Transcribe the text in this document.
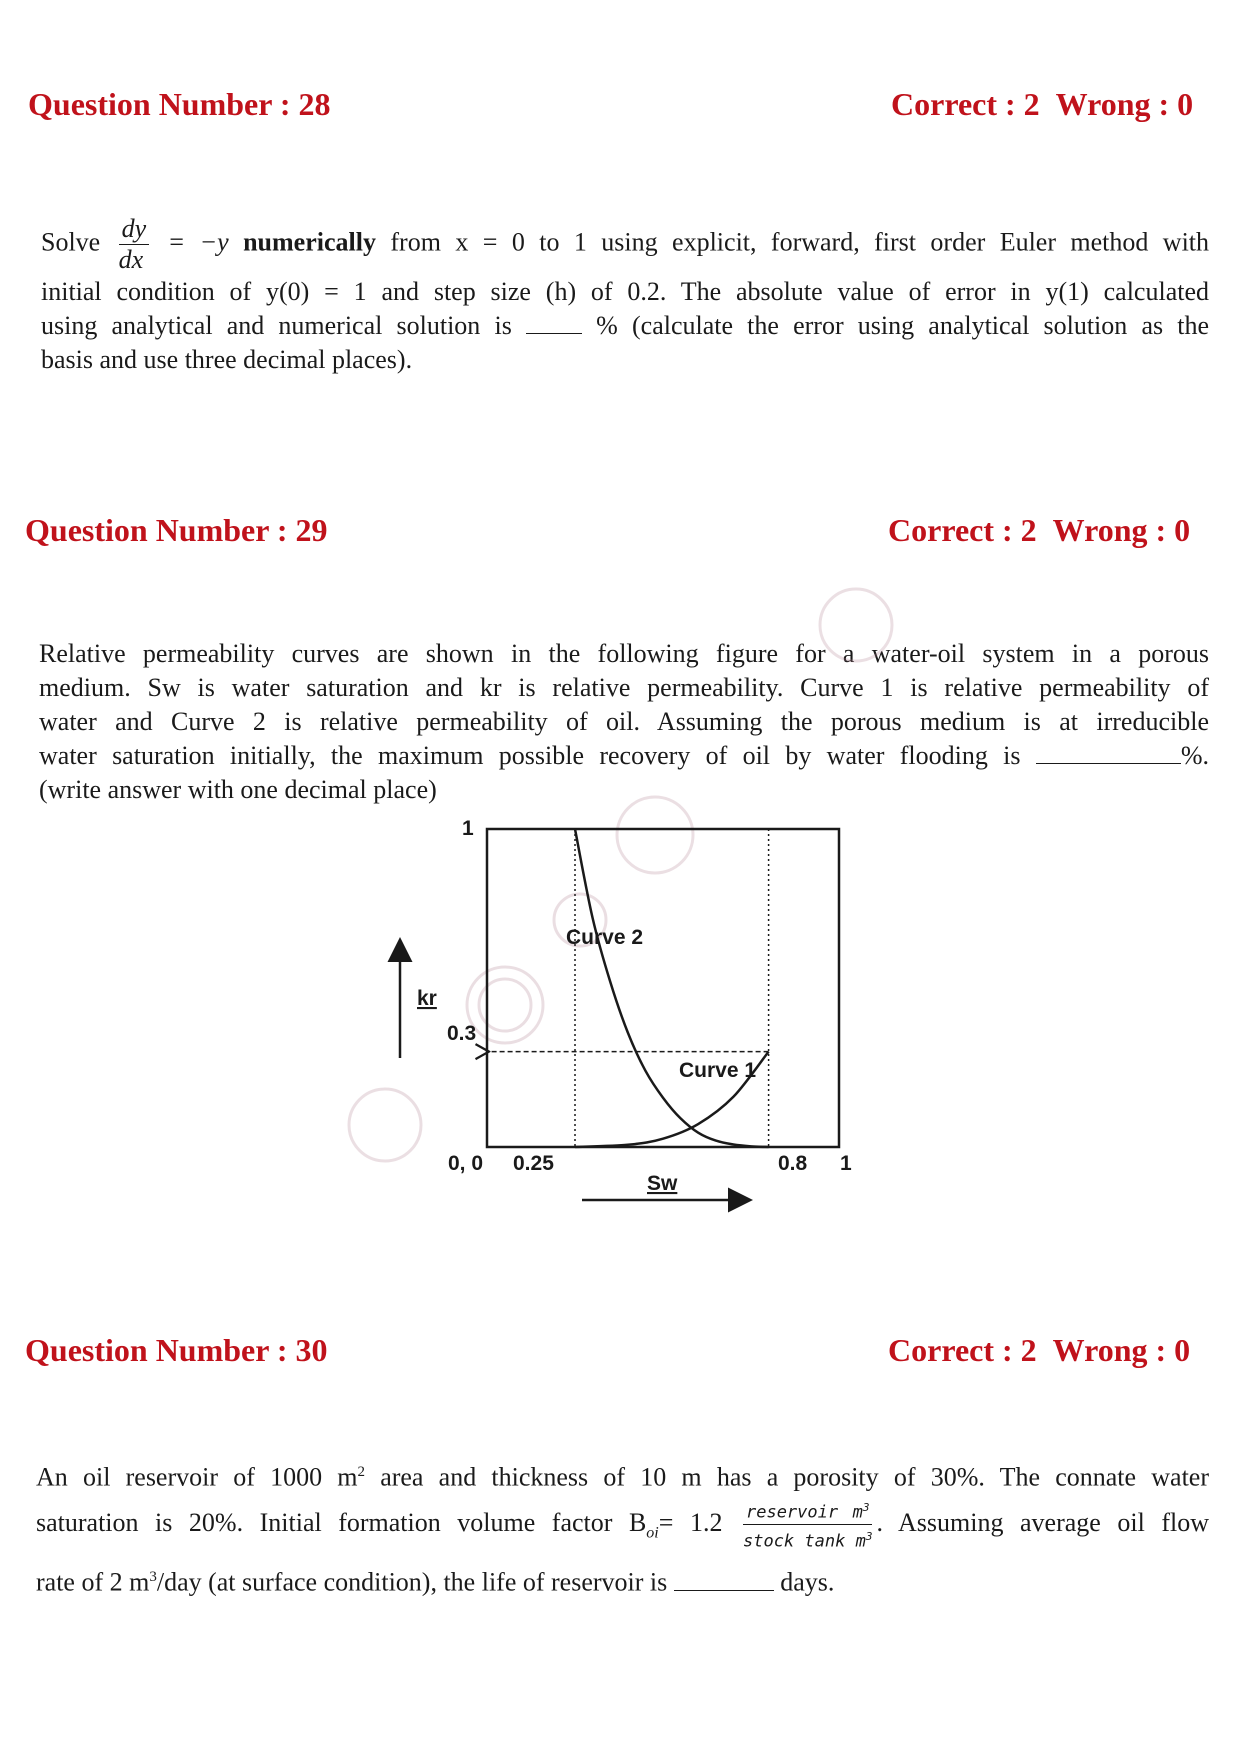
Question Number : 28	Correct : 2 Wrong : 0
Solve $\frac{dy}{dx} = -y$ numerically from x = 0 to 1 using explicit, forward, first order Euler method with
initial condition of y(0) = 1 and step size (h) of 0.2. The absolute value of error in y(1) calculated
using analytical and numerical solution is	% (calculate the error using analytical solution as the
basis and use three decimal places).
Question Number : 29	Correct : 2 Wrong : 0
Relative permeability curves are shown in the following figure for a water-oil system in a porous
medium. Sw is water saturation and kr is relative permeability. Curve 1 is relative permeability of
water and Curve 2 is relative permeability of oil. Assuming the porous medium is at irreducible
water saturation initially, the maximum possible recovery of oil by water flooding is	%.
(write answer with one decimal place)
Curve 2
Curve 1
1
0.3
0, 0 0.25	0.8 1
kr
Sw
Question Number : 30	Correct : 2 Wrong : 0
An oil reservoir of 1000 $m^2$ area and thickness of 10 m has a porosity of 30%. The connate water
saturation is 20%. Initial formation volume factor $B_{oi}= 1.2 \frac{reservoir m^3}{stock \tan k m^3}$ . Assuming average oil flow
rate of 2 $m^3$/day (at surface condition), the life of reservoir is	days.
